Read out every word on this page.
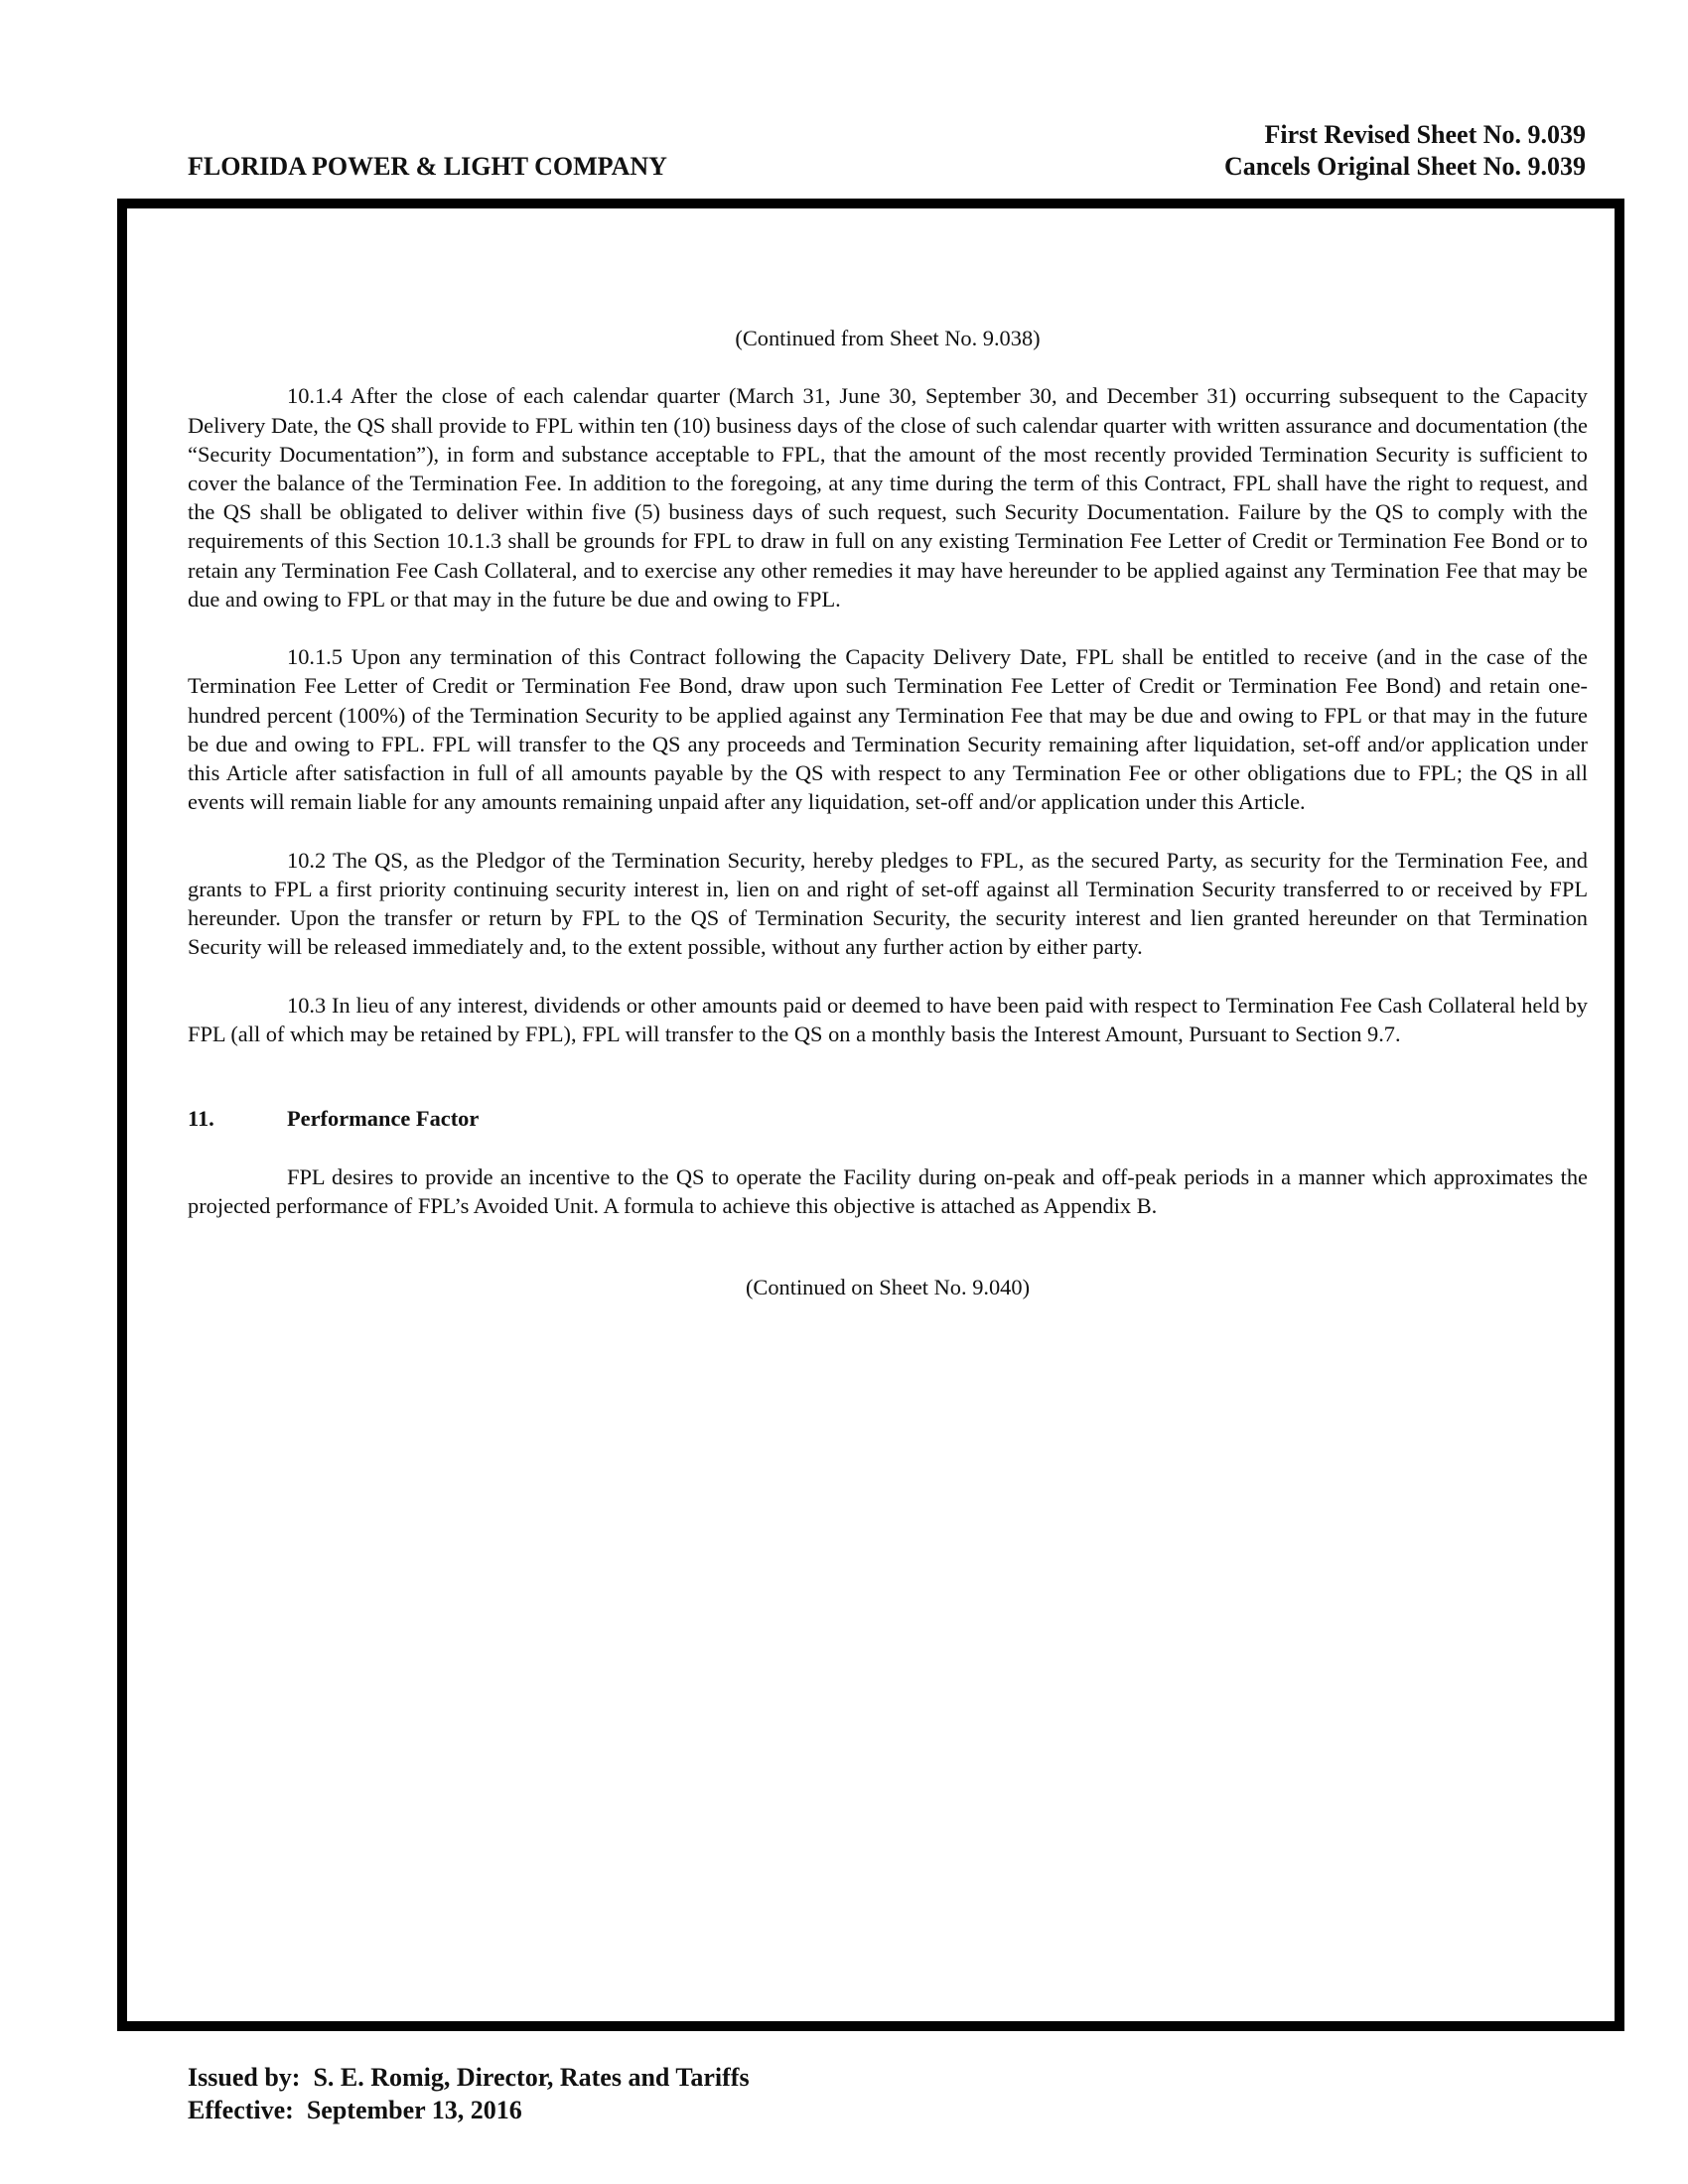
First Revised Sheet No. 9.039
FLORIDA POWER & LIGHT COMPANY	Cancels Original Sheet No. 9.039
(Continued from Sheet No. 9.038)

10.1.4 After the close of each calendar quarter (March 31, June 30, September 30, and December 31) occurring subsequent to the Capacity Delivery Date, the QS shall provide to FPL within ten (10) business days of the close of such calendar quarter with written assurance and documentation (the “Security Documentation”), in form and substance acceptable to FPL, that the amount of the most recently provided Termination Security is sufficient to cover the balance of the Termination Fee. In addition to the foregoing, at any time during the term of this Contract, FPL shall have the right to request, and the QS shall be obligated to deliver within five (5) business days of such request, such Security Documentation. Failure by the QS to comply with the requirements of this Section 10.1.3 shall be grounds for FPL to draw in full on any existing Termination Fee Letter of Credit or Termination Fee Bond or to retain any Termination Fee Cash Collateral, and to exercise any other remedies it may have hereunder to be applied against any Termination Fee that may be due and owing to FPL or that may in the future be due and owing to FPL.

10.1.5 Upon any termination of this Contract following the Capacity Delivery Date, FPL shall be entitled to receive (and in the case of the Termination Fee Letter of Credit or Termination Fee Bond, draw upon such Termination Fee Letter of Credit or Termination Fee Bond) and retain one- hundred percent (100%) of the Termination Security to be applied against any Termination Fee that may be due and owing to FPL or that may in the future be due and owing to FPL. FPL will transfer to the QS any proceeds and Termination Security remaining after liquidation, set-off and/or application under this Article after satisfaction in full of all amounts payable by the QS with respect to any Termination Fee or other obligations due to FPL; the QS in all events will remain liable for any amounts remaining unpaid after any liquidation, set-off and/or application under this Article.

10.2 The QS, as the Pledgor of the Termination Security, hereby pledges to FPL, as the secured Party, as security for the Termination Fee, and grants to FPL a first priority continuing security interest in, lien on and right of set-off against all Termination Security transferred to or received by FPL hereunder. Upon the transfer or return by FPL to the QS of Termination Security, the security interest and lien granted hereunder on that Termination Security will be released immediately and, to the extent possible, without any further action by either party.

10.3 In lieu of any interest, dividends or other amounts paid or deemed to have been paid with respect to Termination Fee Cash Collateral held by FPL (all of which may be retained by FPL), FPL will transfer to the QS on a monthly basis the Interest Amount, Pursuant to Section 9.7.

11.	Performance Factor

FPL desires to provide an incentive to the QS to operate the Facility during on-peak and off-peak periods in a manner which approximates the projected performance of FPL’s Avoided Unit. A formula to achieve this objective is attached as Appendix B.

(Continued on Sheet No. 9.040)
Issued by: S. E. Romig, Director, Rates and Tariffs
Effective: September 13, 2016
